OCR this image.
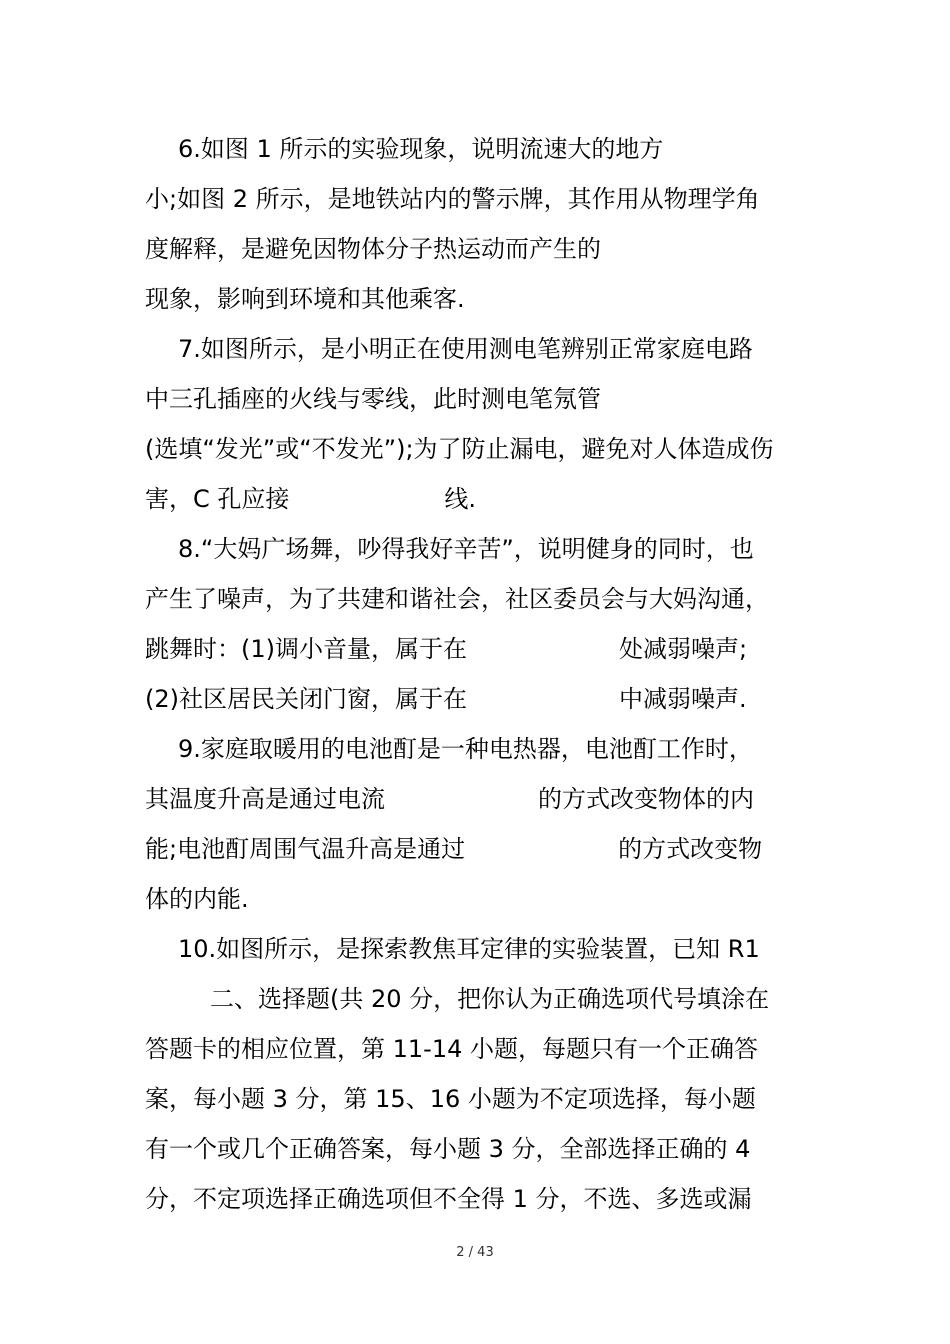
6.如图 1 所示的实验现象，说明流速大的地方
小;如图 2 所示，是地铁站内的警示牌，其作用从物理学角
度解释，是避免因物体分子热运动而产生的
现象，影响到环境和其他乘客.
7.如图所示，是小明正在使用测电笔辨别正常家庭电路
中三孔插座的火线与零线，此时测电笔氖管
(选填“发光”或“不发光”);为了防止漏电，避免对人体造成伤
害，C 孔应接	线.
8.“大妈广场舞，吵得我好辛苦”，说明健身的同时，也
产生了噪声，为了共建和谐社会，社区委员会与大妈沟通，
跳舞时：(1)调小音量，属于在	处减弱噪声;
(2)社区居民关闭门窗，属于在	中减弱噪声.
9.家庭取暖用的电池酊是一种电热器，电池酊工作时，
其温度升高是通过电流	的方式改变物体的内
能;电池酊周围气温升高是通过	的方式改变物
体的内能.
10.如图所示，是探索教焦耳定律的实验装置，已知 R1
二、选择题(共 20 分，把你认为正确选项代号填涂在
答题卡的相应位置，第 11-14 小题，每题只有一个正确答
案，每小题 3 分，第 15、16 小题为不定项选择，每小题
有一个或几个正确答案，每小题 3 分，全部选择正确的 4
分，不定项选择正确选项但不全得 1 分，不选、多选或漏
2 / 43
